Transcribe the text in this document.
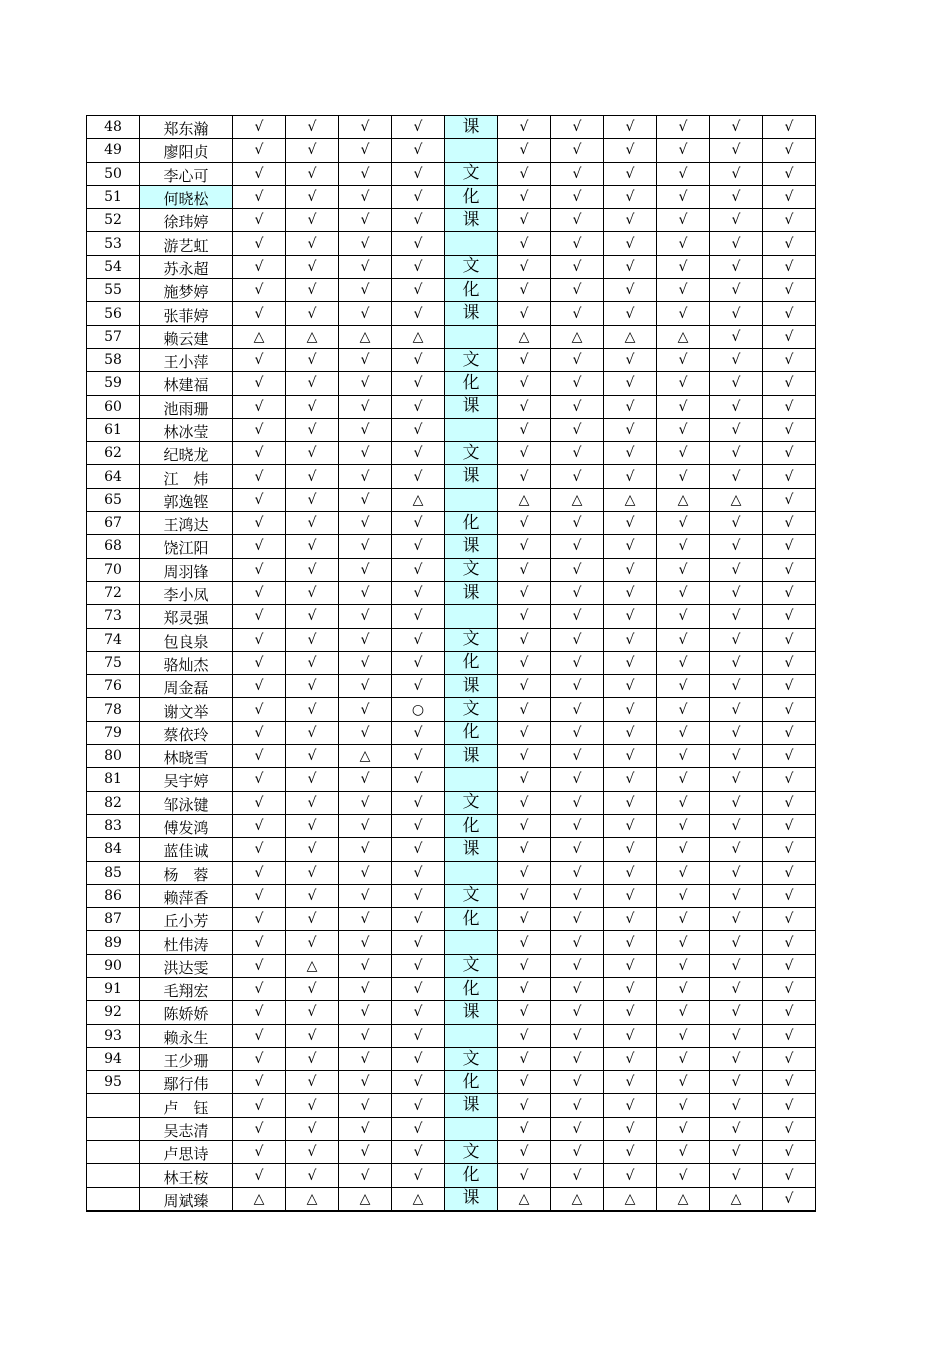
48	郑东瀚	√	√	√	√	课	√	√	√	√	√	√
49	廖阳贞	√	√	√	√		√	√	√	√	√	√
50	李心可	√	√	√	√	文	√	√	√	√	√	√
51	何晓松	√	√	√	√	化	√	√	√	√	√	√
52	徐玮婷	√	√	√	√	课	√	√	√	√	√	√
53	游艺虹	√	√	√	√		√	√	√	√	√	√
54	苏永超	√	√	√	√	文	√	√	√	√	√	√
55	施梦婷	√	√	√	√	化	√	√	√	√	√	√
56	张菲婷	√	√	√	√	课	√	√	√	√	√	√
57	赖云建	△	△	△	△		△	△	△	△	√	√
58	王小萍	√	√	√	√	文	√	√	√	√	√	√
59	林建福	√	√	√	√	化	√	√	√	√	√	√
60	池雨珊	√	√	√	√	课	√	√	√	√	√	√
61	林冰莹	√	√	√	√		√	√	√	√	√	√
62	纪晓龙	√	√	√	√	文	√	√	√	√	√	√
64	江　炜	√	√	√	√	课	√	√	√	√	√	√
65	郭逸铿	√	√	√	△		△	△	△	△	△	√
67	王鸿达	√	√	√	√	化	√	√	√	√	√	√
68	饶江阳	√	√	√	√	课	√	√	√	√	√	√
70	周羽锋	√	√	√	√	文	√	√	√	√	√	√
72	李小凤	√	√	√	√	课	√	√	√	√	√	√
73	郑灵强	√	√	√	√		√	√	√	√	√	√
74	包良泉	√	√	√	√	文	√	√	√	√	√	√
75	骆灿杰	√	√	√	√	化	√	√	√	√	√	√
76	周金磊	√	√	√	√	课	√	√	√	√	√	√
78	谢文举	√	√	√	○	文	√	√	√	√	√	√
79	蔡依玲	√	√	√	√	化	√	√	√	√	√	√
80	林晓雪	√	√	△	√	课	√	√	√	√	√	√
81	吴宇婷	√	√	√	√		√	√	√	√	√	√
82	邹泳键	√	√	√	√	文	√	√	√	√	√	√
83	傅发鸿	√	√	√	√	化	√	√	√	√	√	√
84	蓝佳诚	√	√	√	√	课	√	√	√	√	√	√
85	杨　蓉	√	√	√	√		√	√	√	√	√	√
86	赖萍香	√	√	√	√	文	√	√	√	√	√	√
87	丘小芳	√	√	√	√	化	√	√	√	√	√	√
89	杜伟涛	√	√	√	√		√	√	√	√	√	√
90	洪达雯	√	△	√	√	文	√	√	√	√	√	√
91	毛翔宏	√	√	√	√	化	√	√	√	√	√	√
92	陈娇娇	√	√	√	√	课	√	√	√	√	√	√
93	赖永生	√	√	√	√		√	√	√	√	√	√
94	王少珊	√	√	√	√	文	√	√	√	√	√	√
95	鄢行伟	√	√	√	√	化	√	√	√	√	√	√
	卢　钰	√	√	√	√	课	√	√	√	√	√	√
	吴志清	√	√	√	√		√	√	√	√	√	√
	卢思诗	√	√	√	√	文	√	√	√	√	√	√
	林王桉	√	√	√	√	化	√	√	√	√	√	√
	周斌臻	△	△	△	△	课	△	△	△	△	△	√
